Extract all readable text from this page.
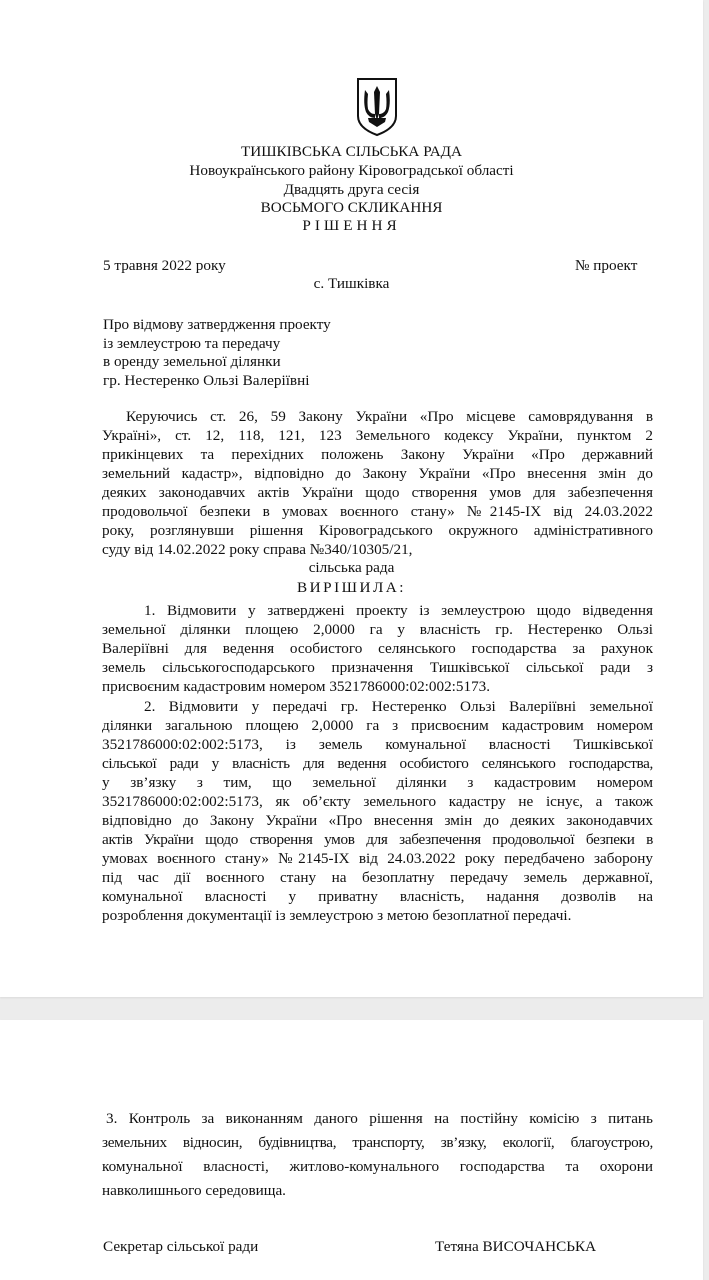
ТИШКІВСЬКА СІЛЬСЬКА РАДА
Новоукраїнського району Кіровоградської області
Двадцять друга сесія
ВОСЬМОГО СКЛИКАННЯ
РІШЕННЯ
5 травня 2022 року	№ проект
с. Тишківка
Про відмову затвердження проекту
із землеустрою та передачу
в оренду земельної ділянки
гр. Нестеренко Ользі Валеріївні
Керуючись ст. 26, 59 Закону України «Про місцеве самоврядування в
Україні», ст. 12, 118, 121, 123 Земельного кодексу України, пунктом 2
прикінцевих та перехідних положень Закону України «Про державний
земельний кадастр», відповідно до Закону України «Про внесення змін до
деяких законодавчих актів України щодо створення умов для забезпечення
продовольчої безпеки в умовах воєнного стану» №2145-IX від 24.03.2022
року, розглянувши рішення Кіровоградського окружного адміністративного
суду від 14.02.2022 року справа №340/10305/21,
сільська рада
ВИРІШИЛА:
1. Відмовити у затверджені проекту із землеустрою щодо відведення
земельної ділянки площею 2,0000 га у власність гр. Нестеренко Ользі
Валеріївні для ведення особистого селянського господарства за рахунок
земель сільськогосподарського призначення Тишківської сільської ради з
присвоєним кадастровим номером 3521786000:02:002:5173.
2. Відмовити у передачі гр. Нестеренко Ользі Валеріївні земельної
ділянки загальною площею 2,0000 га з присвоєним кадастровим номером
3521786000:02:002:5173, із земель комунальної власності Тишківської
сільської ради у власність для ведення особистого селянського господарства,
у зв’язку з тим, що земельної ділянки з кадастровим номером
3521786000:02:002:5173, як об’єкту земельного кадастру не існує, а також
відповідно до Закону України «Про внесення змін до деяких законодавчих
актів України щодо створення умов для забезпечення продовольчої безпеки в
умовах воєнного стану» №2145-IX від 24.03.2022 року передбачено заборону
під час дії воєнного стану на безоплатну передачу земель державної,
комунальної власності у приватну власність, надання дозволів на
розроблення документації із землеустрою з метою безоплатної передачі.
3. Контроль за виконанням даного рішення на постійну комісію з питань
земельних відносин, будівництва, транспорту, зв’язку, екології, благоустрою,
комунальної власності, житлово-комунального господарства та охорони
навколишнього середовища.
Секретар сільської ради	Тетяна ВИСОЧАНСЬКА
